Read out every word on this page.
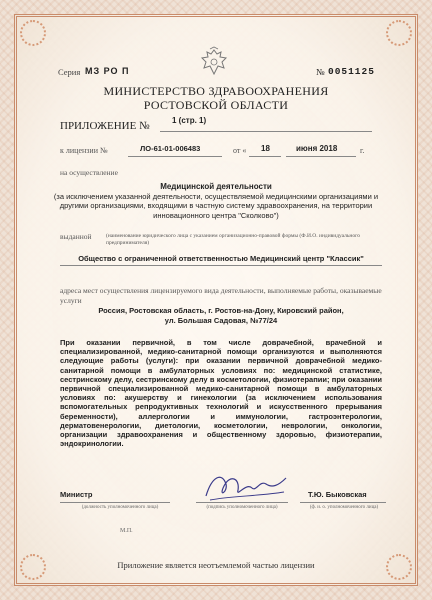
Серия МЗ РО П	№ 0051125
МИНИСТЕРСТВО ЗДРАВООХРАНЕНИЯ
РОСТОВСКОЙ ОБЛАСТИ
ПРИЛОЖЕНИЕ №	1 (стр. 1)
к лицензии №	ЛО-61-01-006483	от « 18	июня 2018	г.
на осуществление
Медицинской деятельности
(за исключением указанной деятельности, осуществляемой медицинскими организациями и другими организациями, входящими в частную систему здравоохранения, на территории инновационного центра "Сколково")
выданной	(наименование юридического лица с указанием организационно-правовой формы (Ф.И.О. индивидуального предпринимателя)
Общество с ограниченной ответственностью Медицинский центр "Классик"
адреса мест осуществления лицензируемого вида деятельности, выполняемые работы, оказываемые услуги
Россия, Ростовская область, г. Ростов-на-Дону, Кировский район,
ул. Большая Садовая, №77/24
При оказании первичной, в том числе доврачебной, врачебной и специализированной, медико-санитарной помощи организуются и выполняются следующие работы (услуги): при оказании первичной доврачебной медико-санитарной помощи в амбулаторных условиях по: медицинской статистике, сестринскому делу, сестринскому делу в косметологии, физиотерапии; при оказании первичной специализированной медико-санитарной помощи в амбулаторных условиях по: акушерству и гинекологии (за исключением использования вспомогательных репродуктивных технологий и искусственного прерывания беременности), аллергологии и иммунологии, гастроэнтерологии, дерматовенерологии, диетологии, косметологии, неврологии, онкологии, организации здравоохранения и общественному здоровью, физиотерапии, эндокринологии.
Министр	Т.Ю. Быковская
(должность уполномоченного лица)	(подпись уполномоченного лица)	(ф. и. о. уполномоченного лица)
М.П.
Приложение является неотъемлемой частью лицензии
